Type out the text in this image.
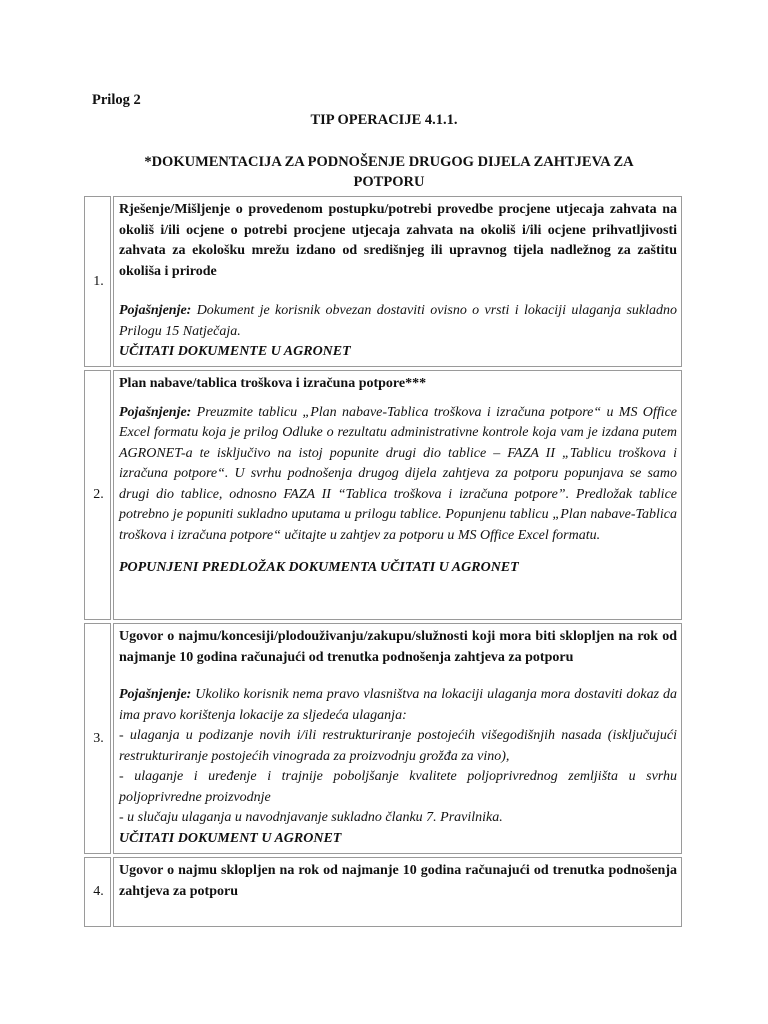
Prilog 2
TIP OPERACIJE 4.1.1.
*DOKUMENTACIJA ZA PODNOŠENJE DRUGOG DIJELA ZAHTJEVA ZA
POTPORU
1.

Rješenje/Mišljenje o provedenom postupku/potrebi provedbe procjene utjecaja zahvata na okoliš i/ili ocjene o potrebi procjene utjecaja zahvata na okoliš i/ili ocjene prihvatljivosti zahvata za ekološku mrežu izdano od središnjeg ili upravnog tijela nadležnog za zaštitu okoliša i prirode

Pojašnjenje: Dokument je korisnik obvezan dostaviti ovisno o vrsti i lokaciji ulaganja sukladno Prilogu 15 Natječaja.

UČITATI DOKUMENTE U AGRONET

2.

Plan nabave/tablica troškova i izračuna potpore***

Pojašnjenje: Preuzmite tablicu „Plan nabave-Tablica troškova i izračuna potpore“ u MS Office Excel formatu koja je prilog Odluke o rezultatu administrativne kontrole koja vam je izdana putem AGRONET-a te isključivo na istoj popunite drugi dio tablice – FAZA II „Tablicu troškova i izračuna potpore“. U svrhu podnošenja drugog dijela zahtjeva za potporu popunjava se samo drugi dio tablice, odnosno FAZA II “Tablica troškova i izračuna potpore”. Predložak tablice potrebno je popuniti sukladno uputama u prilogu tablice. Popunjenu tablicu „Plan nabave-Tablica troškova i izračuna potpore“ učitajte u zahtjev za potporu u MS Office Excel formatu.

POPUNJENI PREDLOŽAK DOKUMENTA UČITATI U AGRONET

3.

Ugovor o najmu/koncesiji/plodouživanju/zakupu/služnosti koji mora biti sklopljen na rok od najmanje 10 godina računajući od trenutka podnošenja zahtjeva za potporu

Pojašnjenje: Ukoliko korisnik nema pravo vlasništva na lokaciji ulaganja mora dostaviti dokaz da ima pravo korištenja lokacije za sljedeća ulaganja:

- ulaganja u podizanje novih i/ili restrukturiranje postojećih višegodišnjih nasada (isključujući restrukturiranje postojećih vinograda za proizvodnju grožđa za vino),

- ulaganje i uređenje i trajnije poboljšanje kvalitete poljoprivrednog zemljišta u svrhu poljoprivredne proizvodnje

- u slučaju ulaganja u navodnjavanje sukladno članku 7. Pravilnika.

UČITATI DOKUMENT U AGRONET

4.

Ugovor o najmu sklopljen na rok od najmanje 10 godina računajući od trenutka podnošenja zahtjeva za potporu
